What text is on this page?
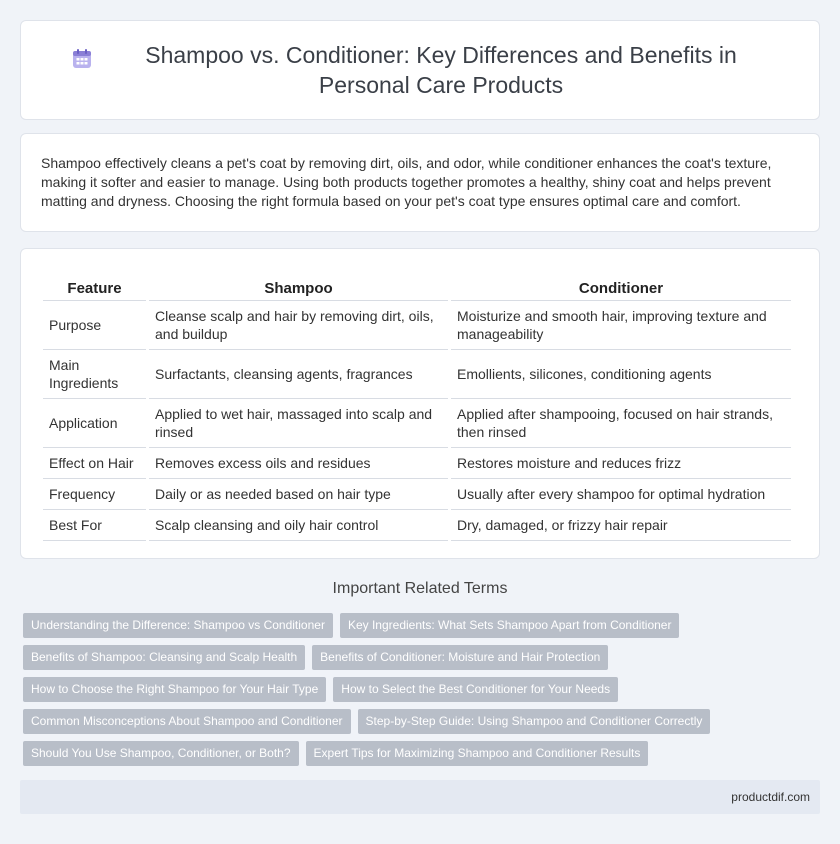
Shampoo vs. Conditioner: Key Differences and Benefits in Personal Care Products

Shampoo effectively cleans a pet's coat by removing dirt, oils, and odor, while conditioner enhances the coat's texture, making it softer and easier to manage. Using both products together promotes a healthy, shiny coat and helps prevent matting and dryness. Choosing the right formula based on your pet's coat type ensures optimal care and comfort.

Feature	Shampoo	Conditioner
Purpose	Cleanse scalp and hair by removing dirt, oils, and buildup	Moisturize and smooth hair, improving texture and manageability
Main Ingredients	Surfactants, cleansing agents, fragrances	Emollients, silicones, conditioning agents
Application	Applied to wet hair, massaged into scalp and rinsed	Applied after shampooing, focused on hair strands, then rinsed
Effect on Hair	Removes excess oils and residues	Restores moisture and reduces frizz
Frequency	Daily or as needed based on hair type	Usually after every shampoo for optimal hydration
Best For	Scalp cleansing and oily hair control	Dry, damaged, or frizzy hair repair
Important Related Terms
Understanding the Difference: Shampoo vs Conditioner	Key Ingredients: What Sets Shampoo Apart from Conditioner
Benefits of Shampoo: Cleansing and Scalp Health	Benefits of Conditioner: Moisture and Hair Protection
How to Choose the Right Shampoo for Your Hair Type	How to Select the Best Conditioner for Your Needs
Common Misconceptions About Shampoo and Conditioner	Step-by-Step Guide: Using Shampoo and Conditioner Correctly
Should You Use Shampoo, Conditioner, or Both?	Expert Tips for Maximizing Shampoo and Conditioner Results
productdif.com
